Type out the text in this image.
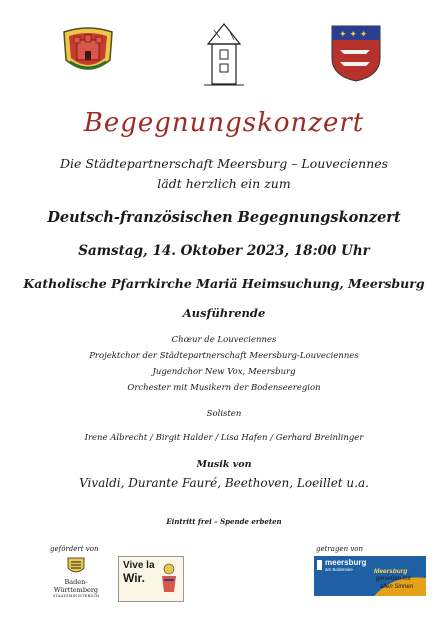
✦ ✦ ✦
Begegnungskonzert
Die Städtepartnerschaft Meersburg – Louveciennes
lädt herzlich ein zum
Deutsch-französischen Begegnungskonzert
Samstag, 14. Oktober 2023, 18:00 Uhr
Katholische Pfarrkirche Mariä Heimsuchung, Meersburg
Ausführende
Chœur de Louveciennes
Projektchor der Städtepartnerschaft Meersburg-Louveciennes
Jugendchor New Vox, Meersburg
Orchester mit Musikern der Bodenseeregion
Solisten
Irene Albrecht / Birgit Halder / Lisa Hafen / Gerhard Breinlinger
Musik von
Vivaldi, Durante Fauré, Beethoven, Loeillet u.a.
Eintritt frei – Spende erbeten
gefördert von
Baden-Württemberg
STAATSMINISTERIUM
Vive la
Wir.
getragen von
meersburg
am Bodensee	Meersburg
genießen mit
allen Sinnen
